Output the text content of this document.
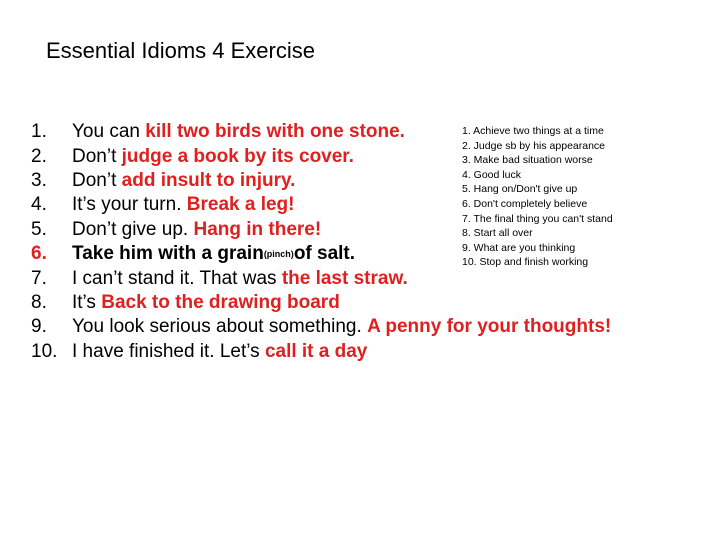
Essential Idioms 4 Exercise
1.	You can
kill two birds with one stone.
2.	Don’t
judge a book by its cover.
3.	Don’t
add insult to injury.
4.	It’s your turn.
Break a leg!
5.	Don’t give up.
Hang in there!
6.	Take him with a grain (pinch) of salt.
7.	I can’t stand it. That was
the last straw.
8.	It’s
Back to the drawing board
9.	You look serious about something.
A penny for your thoughts!
10. I have finished it. Let’s
call it a day
1. Achieve two things at a time
2. Judge sb by his appearance
3. Make bad situation worse
4. Good luck
5. Hang on/Don't give up
6. Don't completely believe
7. The final thing you can't stand
8. Start all over
9. What are you thinking
10. Stop and finish working
